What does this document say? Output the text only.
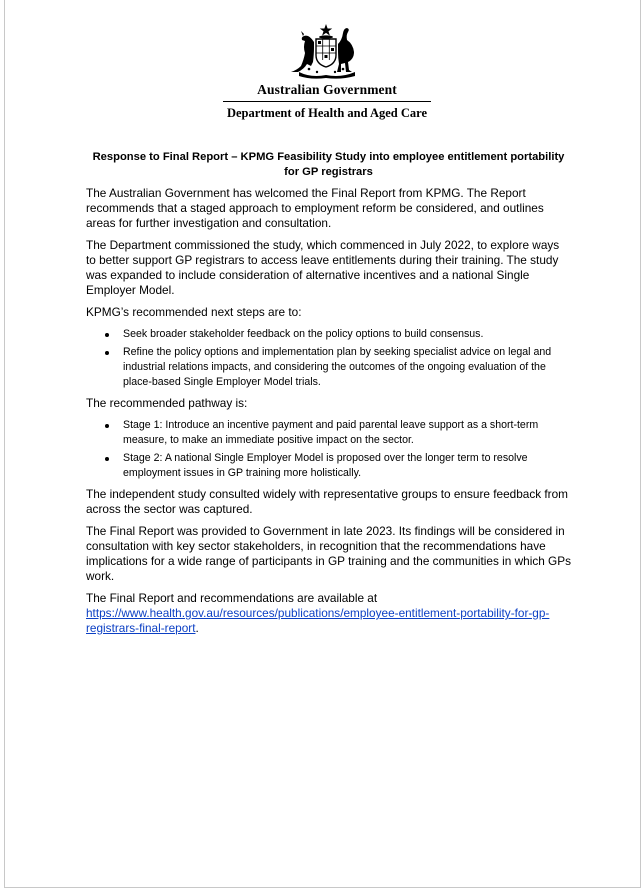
Australian Government
Department of Health and Aged Care
Response to Final Report – KPMG Feasibility Study into employee entitlement portability for GP registrars

The Australian Government has welcomed the Final Report from KPMG. The Report recommends that a staged approach to employment reform be considered, and outlines areas for further investigation and consultation.

The Department commissioned the study, which commenced in July 2022, to explore ways to better support GP registrars to access leave entitlements during their training. The study was expanded to include consideration of alternative incentives and a national Single Employer Model.

KPMG’s recommended next steps are to:

Seek broader stakeholder feedback on the policy options to build consensus.
Refine the policy options and implementation plan by seeking specialist advice on legal and industrial relations impacts, and considering the outcomes of the ongoing evaluation of the place-based Single Employer Model trials.

The recommended pathway is:

Stage 1: Introduce an incentive payment and paid parental leave support as a short-term measure, to make an immediate positive impact on the sector.
Stage 2: A national Single Employer Model is proposed over the longer term to resolve employment issues in GP training more holistically.

The independent study consulted widely with representative groups to ensure feedback from across the sector was captured.

The Final Report was provided to Government in late 2023. Its findings will be considered in consultation with key sector stakeholders, in recognition that the recommendations have implications for a wide range of participants in GP training and the communities in which GPs work.

The Final Report and recommendations are available at
https://www.health.gov.au/resources/publications/employee-entitlement-portability-for-gp-registrars-final-report.
